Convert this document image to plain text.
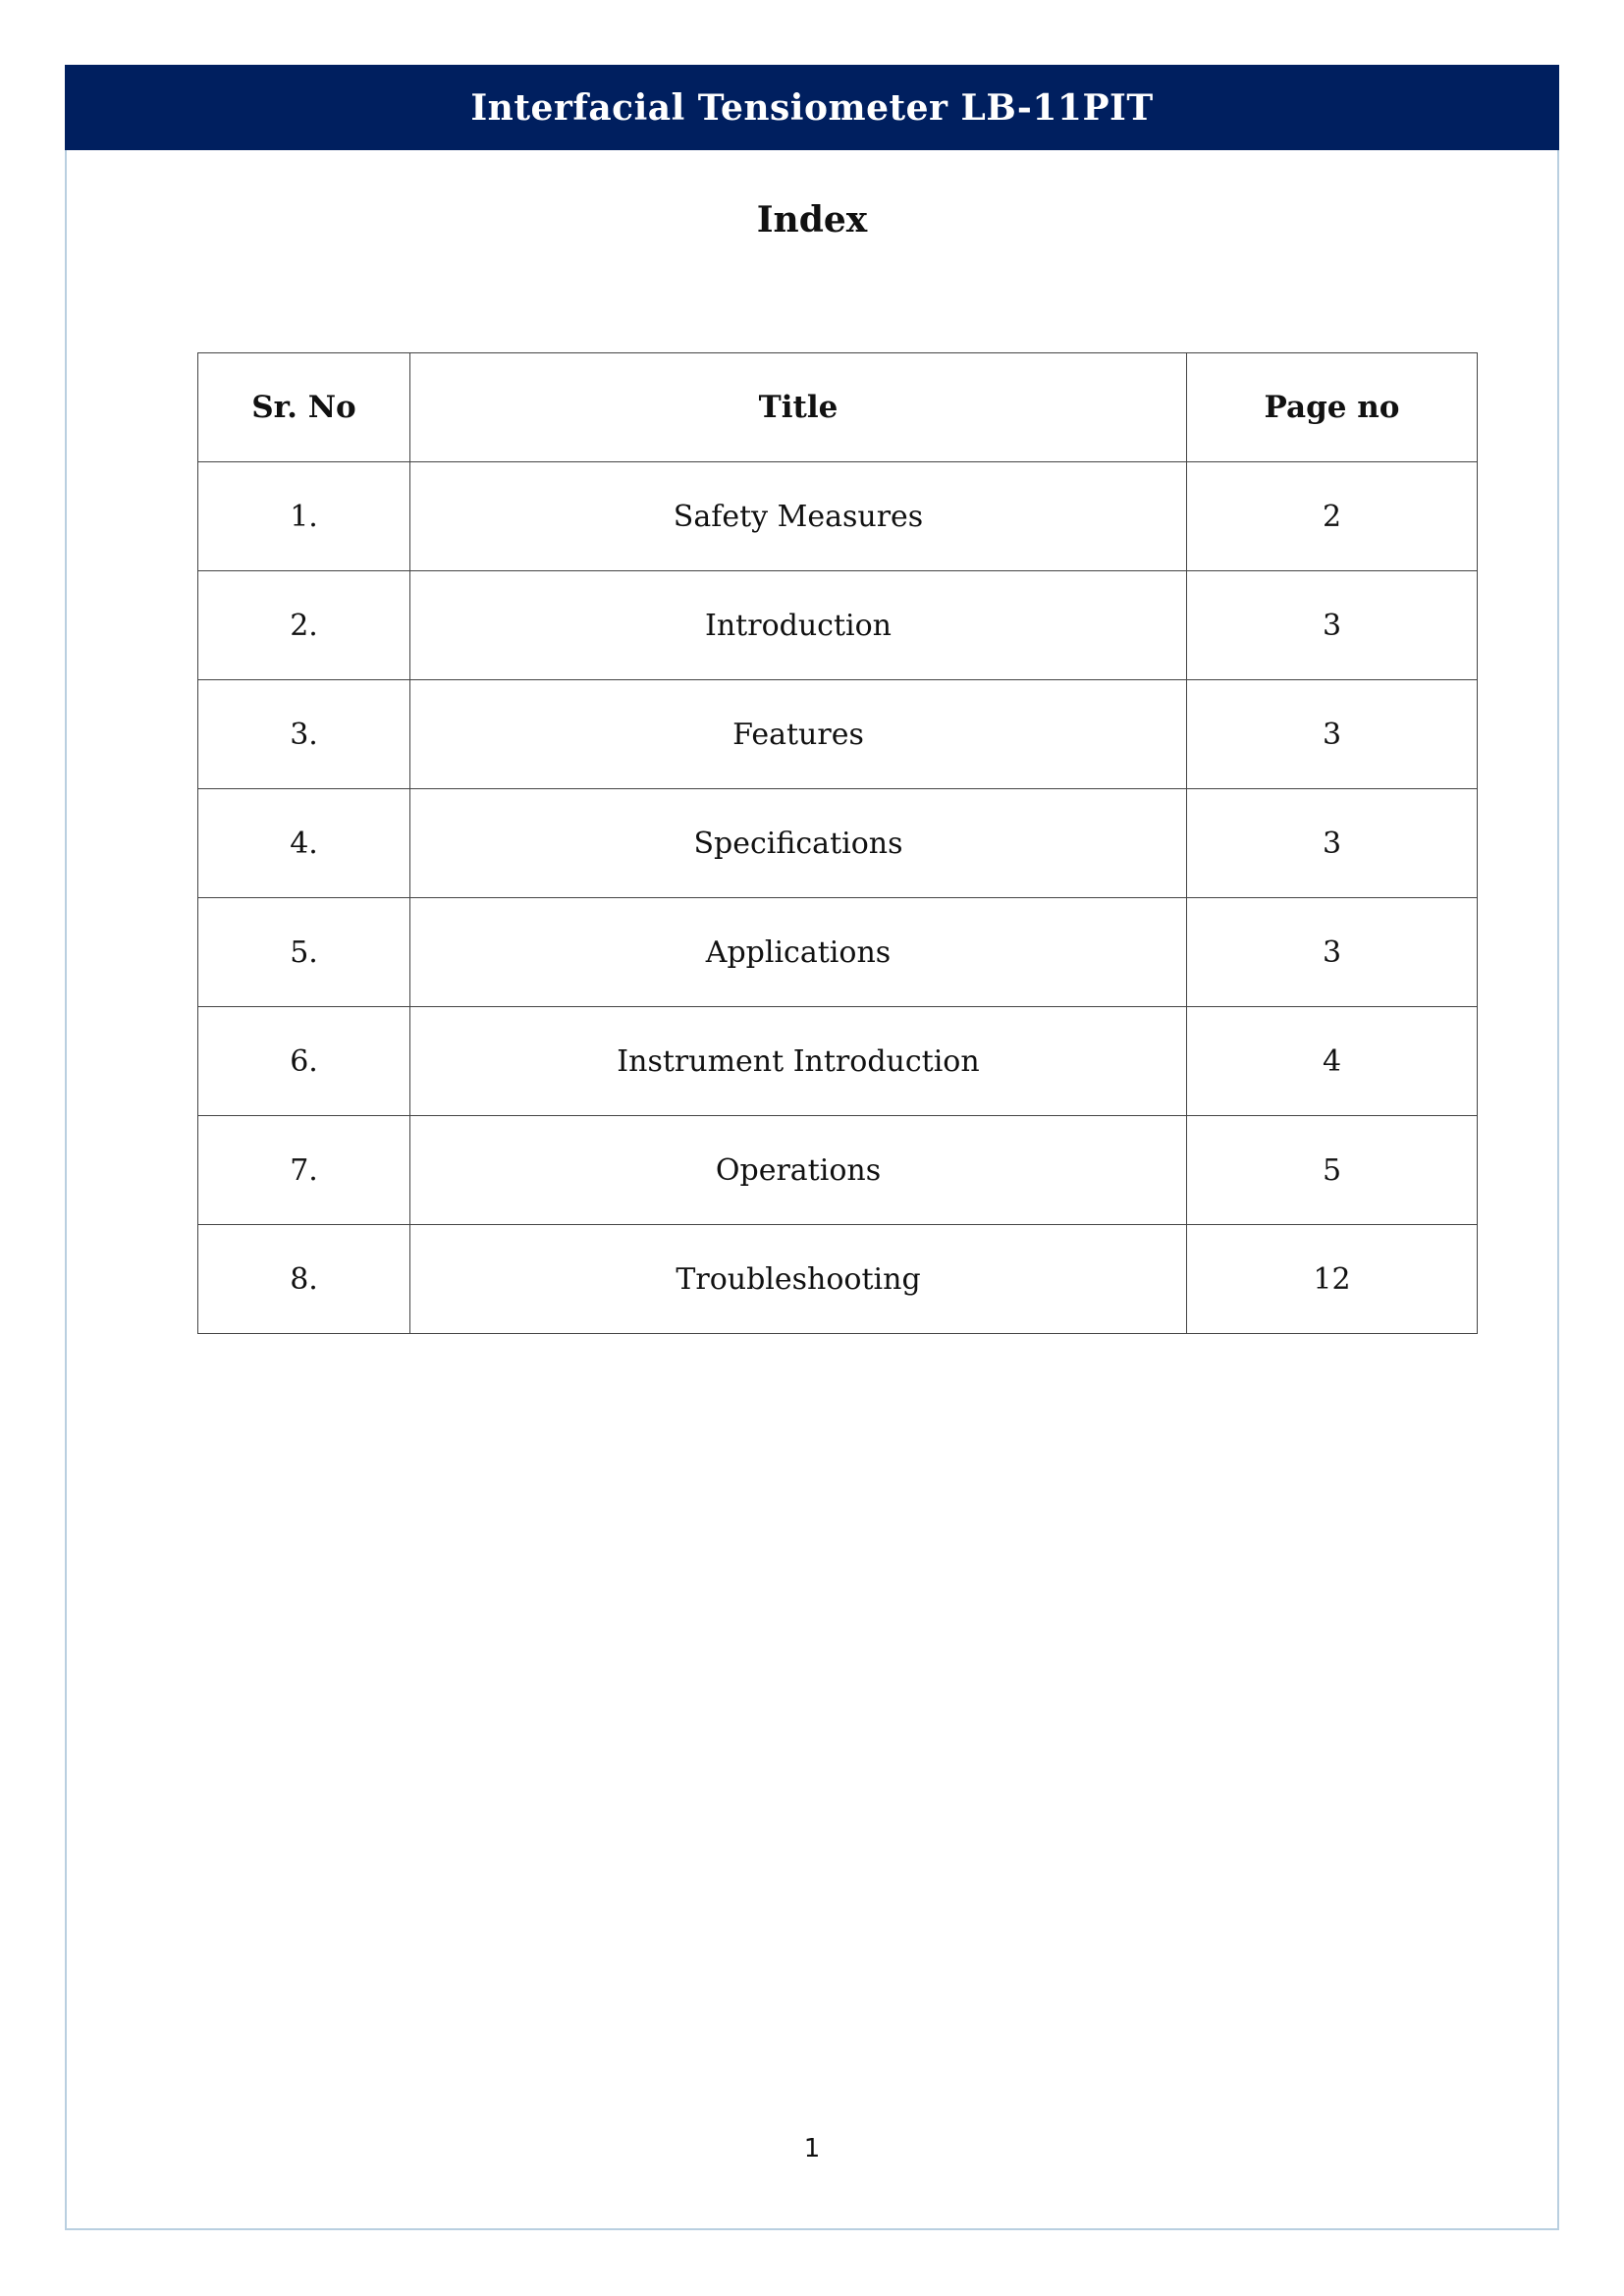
Interfacial Tensiometer LB-11PIT
Index
Sr. No	Title	Page no
1.	Safety Measures	2
2.	Introduction	3
3.	Features	3
4.	Specifications	3
5.	Applications	3
6.	Instrument Introduction	4
7.	Operations	5
8.	Troubleshooting	12
1
